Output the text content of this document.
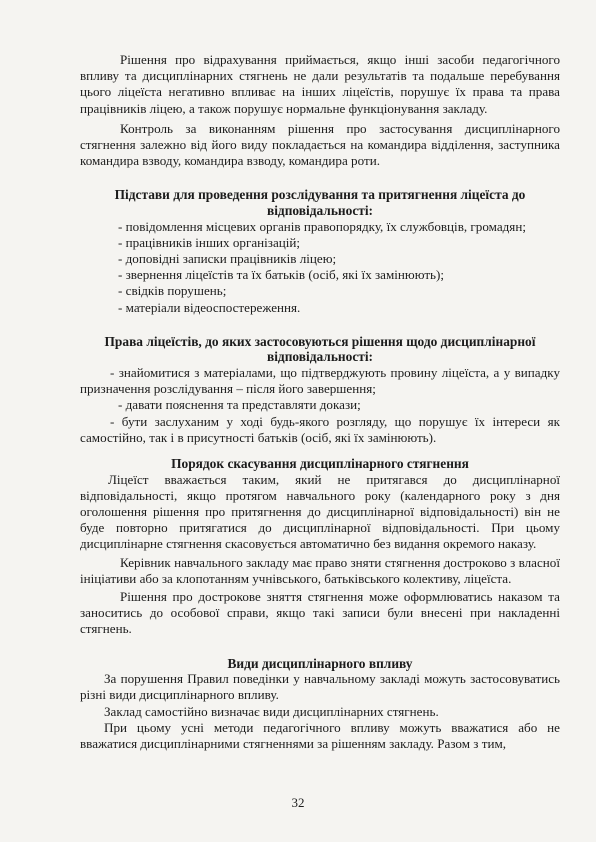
Рішення про відрахування приймається, якщо інші засоби педагогічного впливу та дисциплінарних стягнень не дали результатів та подальше перебування цього ліцеїста негативно впливає на інших ліцеїстів, порушує їх права та права працівників ліцею, а також порушує нормальне функціонування закладу.

Контроль за виконанням рішення про застосування дисциплінарного стягнення залежно від його виду покладається на командира відділення, заступника командира взводу, командира взводу, командира роти.

Підстави для проведення розслідування та притягнення ліцеїста до відповідальності:
- повідомлення місцевих органів правопорядку, їх службовців, громадян;
- працівників інших організацій;
- доповідні записки працівників ліцею;
- звернення ліцеїстів та їх батьків (осіб, які їх замінюють);
- свідків порушень;
- матеріали відеоспостереження.
Права ліцеїстів, до яких застосовуються рішення щодо дисциплінарної відповідальності:
- знайомитися з матеріалами, що підтверджують провину ліцеїста, а у випадку призначення розслідування – після його завершення;
- давати пояснення та представляти докази;
- бути заслуханим у ході будь-якого розгляду, що порушує їх інтереси як самостійно, так і в присутності батьків (осіб, які їх замінюють).
Порядок скасування дисциплінарного стягнення

Ліцеїст вважається таким, який не притягався до дисциплінарної відповідальності, якщо протягом навчального року (календарного року з дня оголошення рішення про притягнення до дисциплінарної відповідальності) він не буде повторно притягатися до дисциплінарної відповідальності. При цьому дисциплінарне стягнення скасовується автоматично без видання окремого наказу.

Керівник навчального закладу має право зняти стягнення достроково з власної ініціативи або за клопотанням учнівського, батьківського колективу, ліцеїста.

Рішення про дострокове зняття стягнення може оформлюватись наказом та заноситись до особової справи, якщо такі записи були внесені при накладенні стягнень.

Види дисциплінарного впливу

За порушення Правил поведінки у навчальному закладі можуть застосовуватись різні види дисциплінарного впливу.

Заклад самостійно визначає види дисциплінарних стягнень.

При цьому усні методи педагогічного впливу можуть вважатися або не вважатися дисциплінарними стягненнями за рішенням закладу. Разом з тим,

32
